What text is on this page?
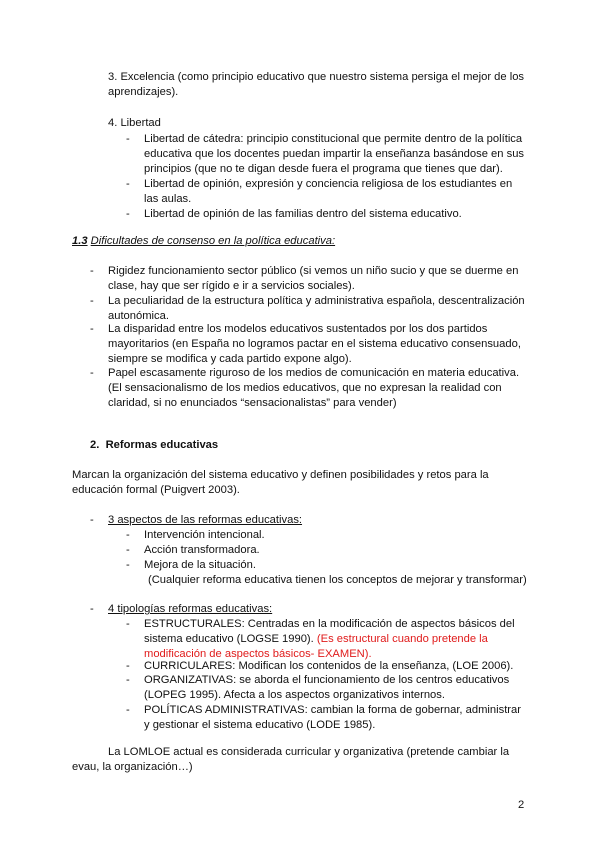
3. Excelencia (como principio educativo que nuestro sistema persiga el mejor de los aprendizajes).

4. Libertad

-	Libertad de cátedra: principio constitucional que permite dentro de la política educativa que los docentes puedan impartir la enseñanza basándose en sus principios (que no te digan desde fuera el programa que tienes que dar).

-	Libertad de opinión, expresión y conciencia religiosa de los estudiantes en las aulas.

-	Libertad de opinión de las familias dentro del sistema educativo.

1.3 Dificultades de consenso en la política educativa:

-	Rigidez funcionamiento sector público (si vemos un niño sucio y que se duerme en clase, hay que ser rígido e ir a servicios sociales).

-	La peculiaridad de la estructura política y administrativa española, descentralización autonómica.

-	La disparidad entre los modelos educativos sustentados por los dos partidos mayoritarios (en España no logramos pactar en el sistema educativo consensuado, siempre se modifica y cada partido expone algo).

-	Papel escasamente riguroso de los medios de comunicación en materia educativa. (El sensacionalismo de los medios educativos, que no expresan la realidad con claridad, si no enunciados “sensacionalistas” para vender)

2. Reformas educativas

Marcan la organización del sistema educativo y definen posibilidades y retos para la educación formal (Puigvert 2003).

-	3 aspectos de las reformas educativas:

-	Intervención intencional.

-	Acción transformadora.

-	Mejora de la situación.

(Cualquier reforma educativa tienen los conceptos de mejorar y transformar)

-	4 tipologías reformas educativas:

-	ESTRUCTURALES: Centradas en la modificación de aspectos básicos del sistema educativo (LOGSE 1990). (Es estructural cuando pretende la modificación de aspectos básicos- EXAMEN).

-	CURRICULARES: Modifican los contenidos de la enseñanza, (LOE 2006).

-	ORGANIZATIVAS: se aborda el funcionamiento de los centros educativos (LOPEG 1995). Afecta a los aspectos organizativos internos.

-	POLÍTICAS ADMINISTRATIVAS: cambian la forma de gobernar, administrar y gestionar el sistema educativo (LODE 1985).

La LOMLOE actual es considerada curricular y organizativa (pretende cambiar la evau, la organización…)

2
